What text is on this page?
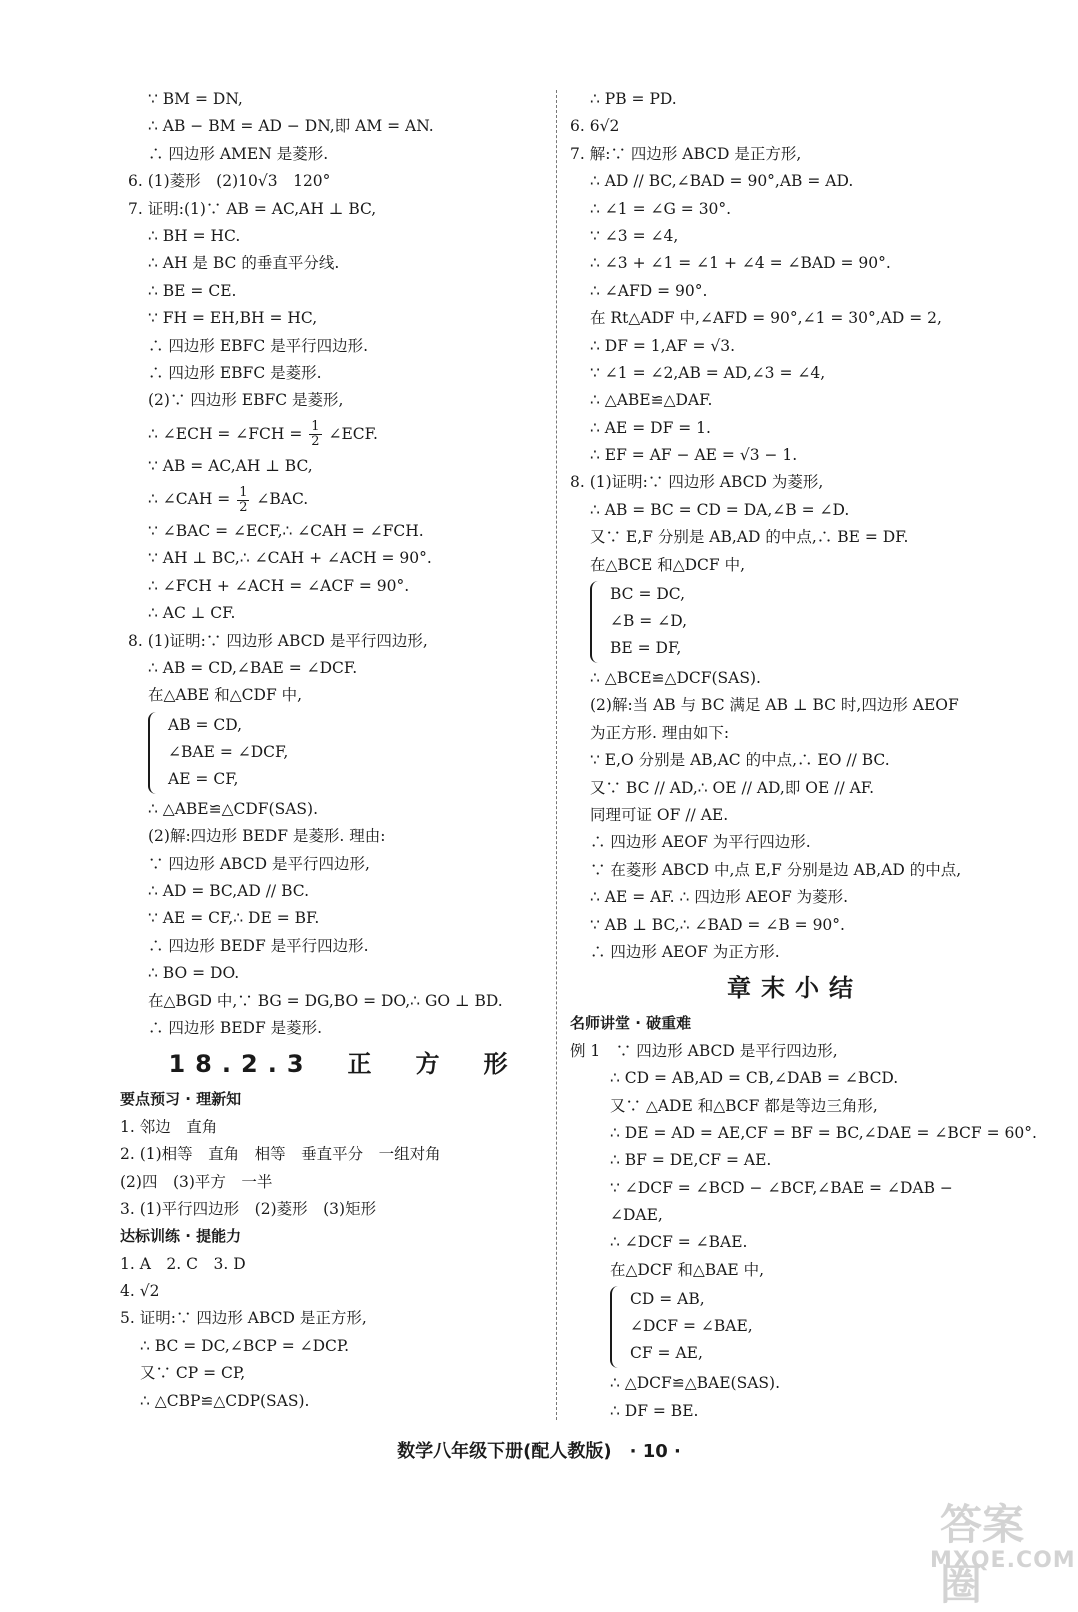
∵ BM = DN,
∴ AB − BM = AD − DN,即 AM = AN.
∴ 四边形 AMEN 是菱形.
6. (1)菱形　(2)10√3　120°
7. 证明:(1)∵ AB = AC,AH ⊥ BC,
∴ BH = HC.
∴ AH 是 BC 的垂直平分线.
∴ BE = CE.
∵ FH = EH,BH = HC,
∴ 四边形 EBFC 是平行四边形.
∴ 四边形 EBFC 是菱形.
(2)∵ 四边形 EBFC 是菱形,
∴ ∠ECH = ∠FCH = $\frac{1}{2}$ ∠ECF.
∵ AB = AC,AH ⊥ BC,
∴ ∠CAH = $\frac{1}{2}$ ∠BAC.
∵ ∠BAC = ∠ECF,∴ ∠CAH = ∠FCH.
∵ AH ⊥ BC,∴ ∠CAH + ∠ACH = 90°.
∴ ∠FCH + ∠ACH = ∠ACF = 90°.
∴ AC ⊥ CF.
8. (1)证明:∵ 四边形 ABCD 是平行四边形,
∴ AB = CD,∠BAE = ∠DCF.
在△ABE 和△CDF 中,
AB = CD,
∠BAE = ∠DCF,
AE = CF,
∴ △ABE≌△CDF(SAS).
(2)解:四边形 BEDF 是菱形. 理由:
∵ 四边形 ABCD 是平行四边形,
∴ AD = BC,AD // BC.
∵ AE = CF,∴ DE = BF.
∴ 四边形 BEDF 是平行四边形.
∴ BO = DO.
在△BGD 中,∵ BG = DG,BO = DO,∴ GO ⊥ BD.
∴ 四边形 BEDF 是菱形.
18.2.3　正　方　形
要点预习 · 理新知
1. 邻边　直角
2. (1)相等　直角　相等　垂直平分　一组对角
(2)四　(3)平方　一半
3. (1)平行四边形　(2)菱形　(3)矩形
达标训练 · 提能力
1. A　2. C　3. D
4. √2
5. 证明:∵ 四边形 ABCD 是正方形,
∴ BC = DC,∠BCP = ∠DCP.
又∵ CP = CP,
∴ △CBP≌△CDP(SAS).
∴ PB = PD.
6. 6√2
7. 解:∵ 四边形 ABCD 是正方形,
∴ AD // BC,∠BAD = 90°,AB = AD.
∴ ∠1 = ∠G = 30°.
∵ ∠3 = ∠4,
∴ ∠3 + ∠1 = ∠1 + ∠4 = ∠BAD = 90°.
∴ ∠AFD = 90°.
在 Rt△ADF 中,∠AFD = 90°,∠1 = 30°,AD = 2,
∴ DF = 1,AF = √3.
∵ ∠1 = ∠2,AB = AD,∠3 = ∠4,
∴ △ABE≌△DAF.
∴ AE = DF = 1.
∴ EF = AF − AE = √3 − 1.
8. (1)证明:∵ 四边形 ABCD 为菱形,
∴ AB = BC = CD = DA,∠B = ∠D.
又∵ E,F 分别是 AB,AD 的中点,∴ BE = DF.
在△BCE 和△DCF 中,
BC = DC,
∠B = ∠D,
BE = DF,
∴ △BCE≌△DCF(SAS).
(2)解:当 AB 与 BC 满足 AB ⊥ BC 时,四边形 AEOF
为正方形. 理由如下:
∵ E,O 分别是 AB,AC 的中点,∴ EO // BC.
又∵ BC // AD,∴ OE // AD,即 OE // AF.
同理可证 OF // AE.
∴ 四边形 AEOF 为平行四边形.
∵ 在菱形 ABCD 中,点 E,F 分别是边 AB,AD 的中点,
∴ AE = AF. ∴ 四边形 AEOF 为菱形.
∵ AB ⊥ BC,∴ ∠BAD = ∠B = 90°.
∴ 四边形 AEOF 为正方形.
章末小结
名师讲堂 · 破重难
例 1　∵ 四边形 ABCD 是平行四边形,
∴ CD = AB,AD = CB,∠DAB = ∠BCD.
又∵ △ADE 和△BCF 都是等边三角形,
∴ DE = AD = AE,CF = BF = BC,∠DAE = ∠BCF = 60°.
∴ BF = DE,CF = AE.
∵ ∠DCF = ∠BCD − ∠BCF,∠BAE = ∠DAB −
∠DAE,
∴ ∠DCF = ∠BAE.
在△DCF 和△BAE 中,
CD = AB,
∠DCF = ∠BAE,
CF = AE,
∴ △DCF≌△BAE(SAS).
∴ DF = BE.
数学八年级下册(配人教版)　· 10 ·
答案圈
MXQE.COM
